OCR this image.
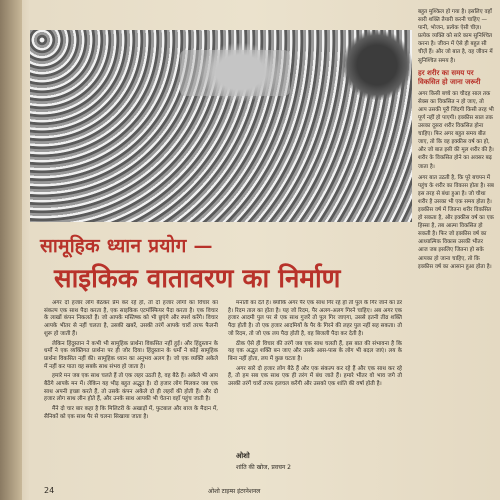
सामूहिक ध्यान प्रयोग —
साइकिक वातावरण का निर्माण

अगर दो हजार लोग बैठकर प्रेम कर रहे हों, तो दो हजार लोगों का विचार का संकल्प एक साथ पैदा करता है, एक साइकिक एटमॉस्फियर पैदा करता है। एक विचार के लाखों कंपन निकलते हैं। जो आपके मस्तिष्क को भी छूएंगे और स्पर्श करेंगे। विचार आपके भीतर से नहीं चलता है, उसकी खबरें, उसकी तरंगें आपके चारों तरफ फैलनी शुरू हो जाती हैं।

लेकिन हिंदुस्तान ने कभी भी सामूहिक प्रार्थना विकसित नहीं हुई। और हिंदुस्तान के धर्मों ने एक व्यक्तिगत प्रार्थना पर ही जोर दिया। हिंदुस्तान के धर्मों ने कोई सामूहिक प्रार्थना विकसित नहीं की। सामूहिक ध्यान का अनुभव अलग है। जो एक व्यक्ति अकेले में नहीं कर पाता वह सबके साथ संभव हो जाता है।

हमारे मन जब एक साथ चलते हैं तो एक लहर उठती है, वह बैठे हैं। अकेले भी आप बैठेंगे आपके मन में। लेकिन यह भीड़ बहुत अद्भुत है। दो हजार लोग मिलकर जब एक साथ अपनी इच्छा करते हैं, तो उसके कंपन अकेले दो ही लहरों की होती हैं। और दो हजार लोग साथ लीन होते हैं, और उनके साथ आपकी भी चेतना वहाँ पहुंच जाती है।

मैंने दो चार बार कहा है कि मिलिटरी के अखाड़ों में, फुटबाल और बाज के मैदान में, सैनिकों को एक साथ पैर से चलना सिखाया जाता है।

मनाती का देते हैं। क्योंकि अगर पैर एक साथ गिर रहे हों तो पुल के गिर जाने का डर है। रिदम ताल का होता है। यह जो रिदम, पैर अलग-अलग गिरने चाहिए। अब अगर एक हजार आदमी पुल पर से एक साथ गुजरें तो पुल गिर जाएगा, उससे इतनी तीव्र शक्ति पैदा होती है। तो एक हजार आदमियों के पैर के गिरने की लहर पुल नहीं सह सकता। तो जो रिदम, तो जो एक लय पैदा होती है, वह बिजली पैदा कर देती है।

ठीक ऐसे ही विचार की तरंगें जब एक साथ चलती हैं, इस बात की संभावना है कि यह एक अद्भुत शक्ति बन जाए और उसके आस-पास के लोग भी बदल जाएं। लय के बिना नहीं होता, लय में कुछ घटता है।

अगर सारे दो हजार लोग बैठे हैं और एक संकल्प कर रहे हैं और एक साथ कर रहे हैं, तो हम सब एक साथ एक ही तरंग में बंध जाते हैं। हमारे भीतर वो भाव जगे तो उसकी तरंगें चारों तरफ हलचल करेंगी और उसको एक शांति की वर्षा होती है।

ओशो
शांति की खोज, प्रवचन 2
24	ओशो टाइम्स इंटरनेशनल

बहुत मुश्किल हो गया है। इसलिए वहाँ सारी शक्ति तैयारी करनी चाहिए — पानी, भोजन, प्रत्येक ऐसी चीज़। प्रत्येक व्यक्ति को सारे काम सुनिश्चित करना है। जीवन में ऐसे ही बहुत सी चीज़ें हैं। और जो बात है, वह जीवन में सुनिश्चित समय है।

हर शरीर का समय पर विकसित हो जाना जरूरी

अगर किसी बच्चे का चौदह साल तक सेक्स का विकसित न हो जाए, तो आप उसकी पूरी जिंदगी किसी तरह भी पूर्ण नहीं हो पाएगी। इक्कीस साल तक उसका दूसरा शरीर विकसित होना चाहिए। फिर अगर बहुत समय बीत जाए, तो कि वह इक्कीस वर्ष का हो, और जो बात इसी की मूल शरीर की है। शरीर के विकसित होने का अवसर बढ़ जाता है।

अगर बात उठती है, कि पूरे बचपन में पहुंच के शरीर का विकास होता है। सब इस तरह से बंधा हुआ है। जो चौथा शरीर है उसका भी एक समय होता है। इक्कीस वर्ष में जितना शरीर विकसित हो सकता है, और इक्कीस वर्ष का एक हिस्सा है, तब आत्मा विकसित हो सकती है। फिर जो इक्कीस वर्ष का आध्यात्मिक विकास उसकी भीतर आज जब इसलिए जितना हो सके आपका हो जाना चाहिए, तो कि इक्कीस वर्ष का आसान हुआ होता है।
